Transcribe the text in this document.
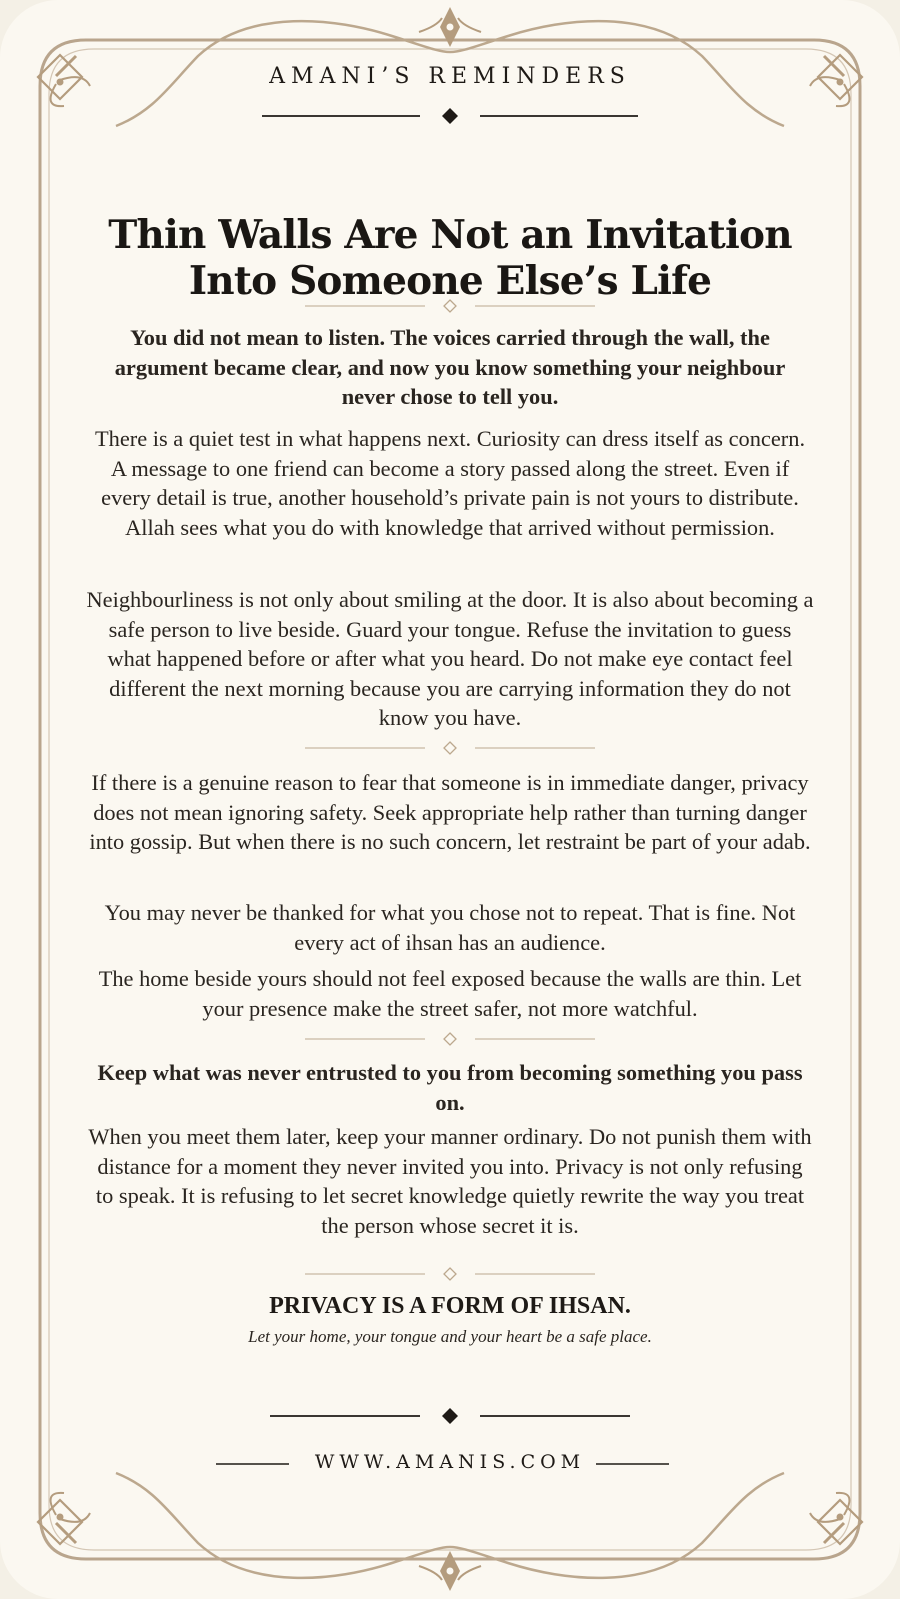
AMANI’S REMINDERS
Thin Walls Are Not an Invitation Into Someone Else’s Life

You did not mean to listen. The voices carried through the wall, the argument became clear, and now you know something your neighbour never chose to tell you.

There is a quiet test in what happens next. Curiosity can dress itself as concern. A message to one friend can become a story passed along the street. Even if every detail is true, another household’s private pain is not yours to distribute. Allah sees what you do with knowledge that arrived without permission.

Neighbourliness is not only about smiling at the door. It is also about becoming a safe person to live beside. Guard your tongue. Refuse the invitation to guess what happened before or after what you heard. Do not make eye contact feel different the next morning because you are carrying information they do not know you have.

If there is a genuine reason to fear that someone is in immediate danger, privacy does not mean ignoring safety. Seek appropriate help rather than turning danger into gossip. But when there is no such concern, let restraint be part of your adab.

You may never be thanked for what you chose not to repeat. That is fine. Not every act of ihsan has an audience.

The home beside yours should not feel exposed because the walls are thin. Let your presence make the street safer, not more watchful.

Keep what was never entrusted to you from becoming something you pass on.

When you meet them later, keep your manner ordinary. Do not punish them with distance for a moment they never invited you into. Privacy is not only refusing to speak. It is refusing to let secret knowledge quietly rewrite the way you treat the person whose secret it is.

PRIVACY IS A FORM OF IHSAN.
Let your home, your tongue and your heart be a safe place.
WWW.AMANIS.COM
